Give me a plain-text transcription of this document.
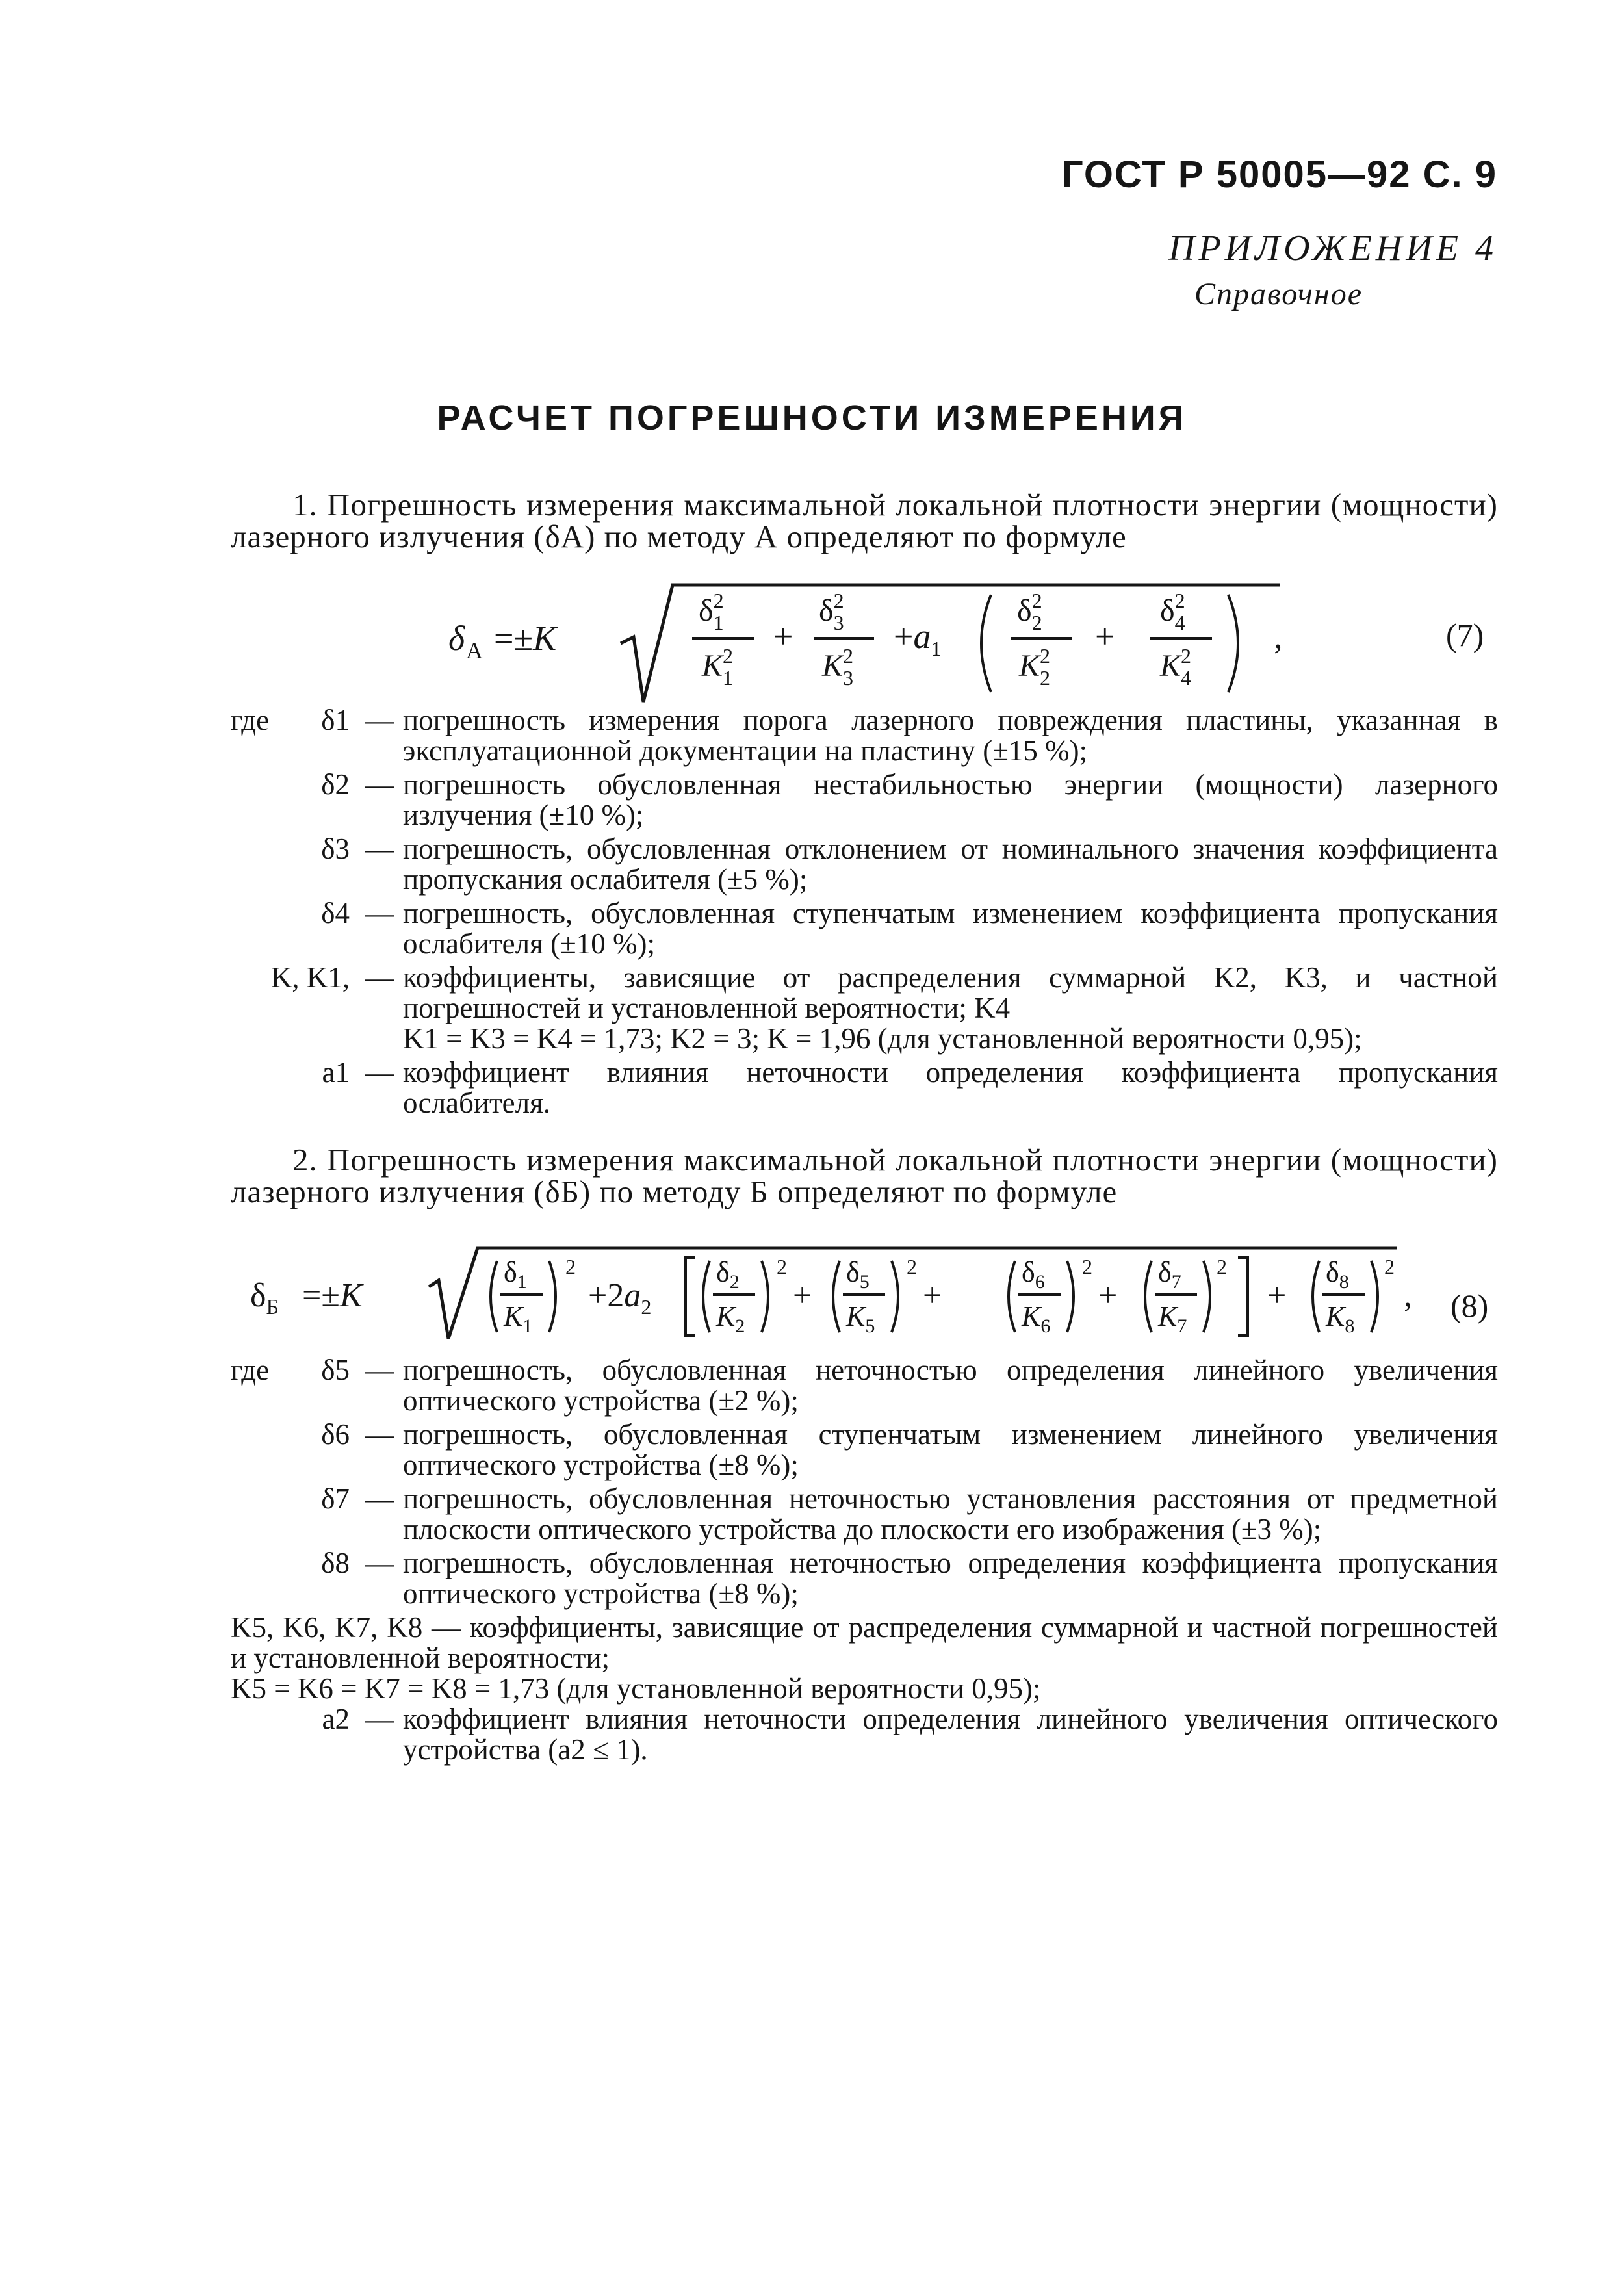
ГОСТ Р 50005—92 С. 9
ПРИЛОЖЕНИЕ 4
Справочное
РАСЧЕТ ПОГРЕШНОСТИ ИЗМЕРЕНИЯ
1. Погрешность измерения максимальной локальной плотности энергии (мощности) лазерного излучения (δА) по методу А определяют по формуле
δ А =±K
$\delta_12$
$K_12$ +
$\delta_32$
$K_32 +a_1$
$\delta_22$
$K_22$ +
$\delta_42$
$K_42$ ,	(7)
где δ1 — погрешность измерения порога лазерного повреждения пластины, указанная в эксплуатационной документации на пластину (±15 %);
δ2 — погрешность обусловленная нестабильностью энергии (мощности) лазерного излучения (±10 %);
δ3 — погрешность, обусловленная отклонением от номинального значения коэффициента пропускания ослабителя (±5 %);
δ4 — погрешность, обусловленная ступенчатым изменением коэффициента пропускания ослабителя (±10 %);
K, K1, — коэффициенты, зависящие от распределения суммарной K2, K3, и частной погрешностей и установленной вероятности; K4
K1 = K3 = K4 = 1,73; K2 = 3; K = 1,96 (для установленной вероятности 0,95);
a1 — коэффициент влияния неточности определения коэффициента пропускания ослабителя.
2. Погрешность измерения максимальной локальной плотности энергии (мощности) лазерного излучения (δБ) по методу Б определяют по формуле
$\delta_Б =\pm K$
$\delta_1$
$K_1$
2
$+2a_2$
$\delta_2$
$K_2$
2
+
$\delta_5$
$K_5$
2
+
$\delta_6$
$K_6$
2
+
$\delta_7$
$K_7$
2
+
$\delta_8$
$K_8$
2
, (8)
где δ5 — погрешность, обусловленная неточностью определения линейного увеличения оптического устройства (±2 %);
δ6 — погрешность, обусловленная ступенчатым изменением линейного увеличения оптического устройства (±8 %);
δ7 — погрешность, обусловленная неточностью установления расстояния от предметной плоскости оптического устройства до плоскости его изображения (±3 %);
δ8 — погрешность, обусловленная неточностью определения коэффициента пропускания оптического устройства (±8 %);
K5, K6, K7, K8 — коэффициенты, зависящие от распределения суммарной и частной погрешностей и установленной вероятности;
K5 = K6 = K7 = K8 = 1,73 (для установленной вероятности 0,95);
a2 — коэффициент влияния неточности определения линейного увеличения оптического устройства (a2 ≤ 1).
